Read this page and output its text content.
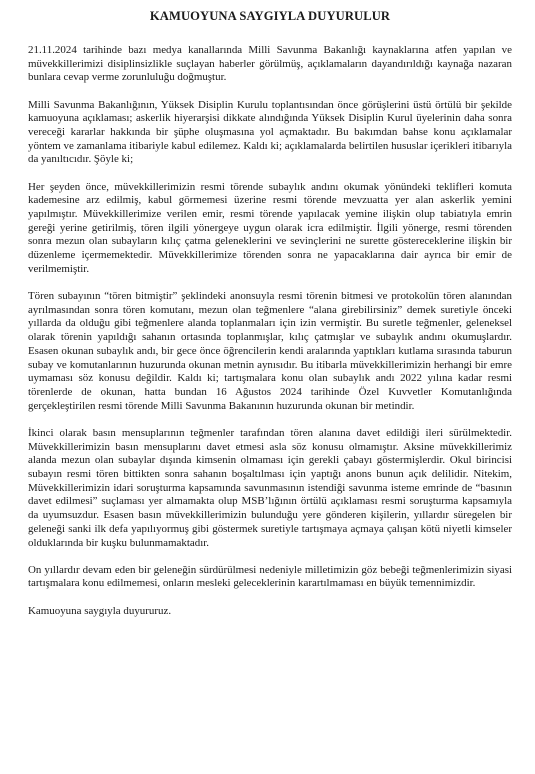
KAMUOYUNA SAYGIYLA DUYURULUR

21.11.2024 tarihinde bazı medya kanallarında Milli Savunma Bakanlığı kaynaklarına atfen yapılan ve müvekkillerimizi disiplinsizlikle suçlayan haberler görülmüş, açıklamaların dayandırıldığı kaynağa nazaran bunlara cevap verme zorunluluğu doğmuştur.

Milli Savunma Bakanlığının, Yüksek Disiplin Kurulu toplantısından önce görüşlerini üstü örtülü bir şekilde kamuoyuna açıklaması; askerlik hiyerarşisi dikkate alındığında Yüksek Disiplin Kurul üyelerinin daha sonra vereceği kararlar hakkında bir şüphe oluşmasına yol açmaktadır. Bu bakımdan bahse konu açıklamalar yöntem ve zamanlama itibariyle kabul edilemez. Kaldı ki; açıklamalarda belirtilen hususlar içerikleri itibarıyla da yanıltıcıdır. Şöyle ki;

Her şeyden önce, müvekkillerimizin resmi törende subaylık andını okumak yönündeki teklifleri komuta kademesine arz edilmiş, kabul görmemesi üzerine resmi törende mevzuatta yer alan askerlik yemini yapılmıştır. Müvekkillerimize verilen emir, resmi törende yapılacak yemine ilişkin olup tabiatıyla emrin gereği yerine getirilmiş, tören ilgili yönergeye uygun olarak icra edilmiştir. İlgili yönerge, resmi törenden sonra mezun olan subayların kılıç çatma geleneklerini ve sevinçlerini ne surette göstereceklerine ilişkin bir düzenleme içermemektedir. Müvekkillerimize törenden sonra ne yapacaklarına dair ayrıca bir emir de verilmemiştir.

Tören subayının “tören bitmiştir” şeklindeki anonsuyla resmi törenin bitmesi ve protokolün tören alanından ayrılmasından sonra tören komutanı, mezun olan teğmenlere “alana girebilirsiniz” demek suretiyle önceki yıllarda da olduğu gibi teğmenlere alanda toplanmaları için izin vermiştir. Bu suretle teğmenler, geleneksel olarak törenin yapıldığı sahanın ortasında toplanmışlar, kılıç çatmışlar ve subaylık andını okumuşlardır. Esasen okunan subaylık andı, bir gece önce öğrencilerin kendi aralarında yaptıkları kutlama sırasında taburun subay ve komutanlarının huzurunda okunan metnin aynısıdır. Bu itibarla müvekkillerimizin herhangi bir emre uymaması söz konusu değildir. Kaldı ki; tartışmalara konu olan subaylık andı 2022 yılına kadar resmi törenlerde de okunan, hatta bundan 16 Ağustos 2024 tarihinde Özel Kuvvetler Komutanlığında gerçekleştirilen resmi törende Milli Savunma Bakanının huzurunda okunan bir metindir.

İkinci olarak basın mensuplarının teğmenler tarafından tören alanına davet edildiği ileri sürülmektedir. Müvekkillerimizin basın mensuplarını davet etmesi asla söz konusu olmamıştır. Aksine müvekkillerimiz alanda mezun olan subaylar dışında kimsenin olmaması için gerekli çabayı göstermişlerdir. Okul birincisi subayın resmi tören bittikten sonra sahanın boşaltılması için yaptığı anons bunun açık delilidir. Nitekim, Müvekkillerimizin idari soruşturma kapsamında savunmasının istendiği savunma isteme emrinde de “basının davet edilmesi” suçlaması yer almamakta olup MSB’lığının örtülü açıklaması resmi soruşturma kapsamıyla da uyumsuzdur. Esasen basın müvekkillerimizin bulunduğu yere gönderen kişilerin, yıllardır süregelen bir geleneği sanki ilk defa yapılıyormuş gibi göstermek suretiyle tartışmaya açmaya çalışan kötü niyetli kimseler olduklarında bir kuşku bulunmamaktadır.

On yıllardır devam eden bir geleneğin sürdürülmesi nedeniyle milletimizin göz bebeği teğmenlerimizin siyasi tartışmalara konu edilmemesi, onların mesleki geleceklerinin karartılmaması en büyük temennimizdir.

Kamuoyuna saygıyla duyururuz.
